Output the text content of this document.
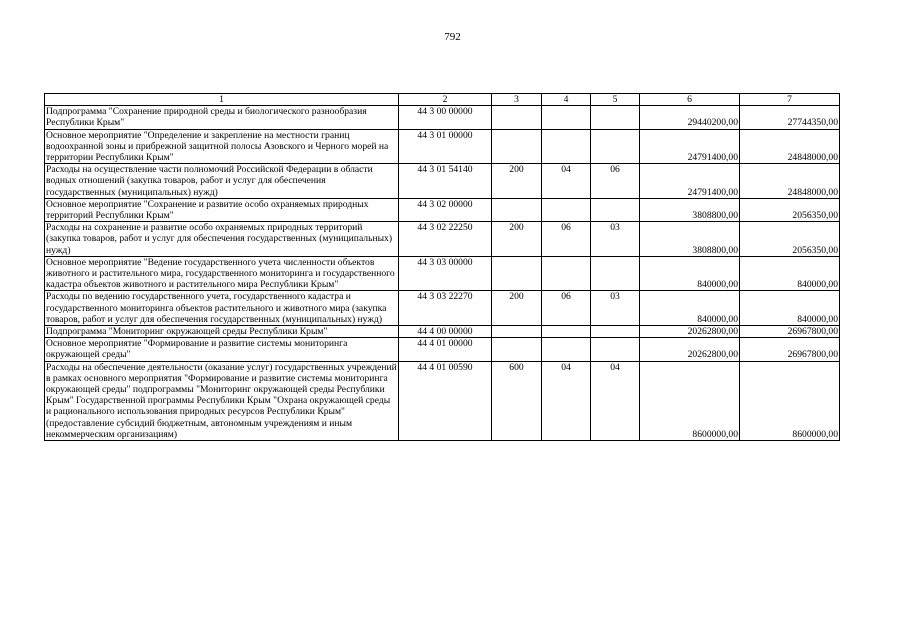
792
1	2	3	4	5	6	7
Подпрограмма "Сохранение природной среды и биологического разнообразия Республики Крым"	44 3 00 00000				29440200,00	27744350,00
Основное мероприятие "Определение и закрепление на местности границ водоохранной зоны и прибрежной защитной полосы Азовского и Черного морей на территории Республики Крым"	44 3 01 00000				24791400,00	24848000,00
Расходы на осуществление части полномочий Российской Федерации в области водных отношений (закупка товаров, работ и услуг для обеспечения государственных (муниципальных) нужд)	44 3 01 54140	200	04	06	24791400,00	24848000,00
Основное мероприятие "Сохранение и развитие особо охраняемых природных территорий Республики Крым"	44 3 02 00000				3808800,00	2056350,00
Расходы на сохранение и развитие особо охраняемых природных территорий (закупка товаров, работ и услуг для обеспечения государственных (муниципальных) нужд)	44 3 02 22250	200	06	03	3808800,00	2056350,00
Основное мероприятие "Ведение государственного учета численности объектов животного и растительного мира, государственного мониторинга и государственного кадастра объектов животного и растительного мира Республики Крым"	44 3 03 00000				840000,00	840000,00
Расходы по ведению государственного учета, государственного кадастра и государственного мониторинга объектов растительного и животного мира (закупка товаров, работ и услуг для обеспечения государственных (муниципальных) нужд)	44 3 03 22270	200	06	03	840000,00	840000,00
Подпрограмма "Мониторинг окружающей среды Республики Крым"	44 4 00 00000				20262800,00	26967800,00
Основное мероприятие "Формирование и развитие системы мониторинга окружающей среды"	44 4 01 00000				20262800,00	26967800,00
Расходы на обеспечение деятельности (оказание услуг) государственных учреждений в рамках основного мероприятия "Формирование и развитие системы мониторинга окружающей среды" подпрограммы "Мониторинг окружающей среды Республики Крым" Государственной программы Республики Крым "Охрана окружающей среды и рационального использования природных ресурсов Республики Крым" (предоставление субсидий бюджетным, автономным учреждениям и иным некоммерческим организациям)	44 4 01 00590	600	04	04	8600000,00	8600000,00
